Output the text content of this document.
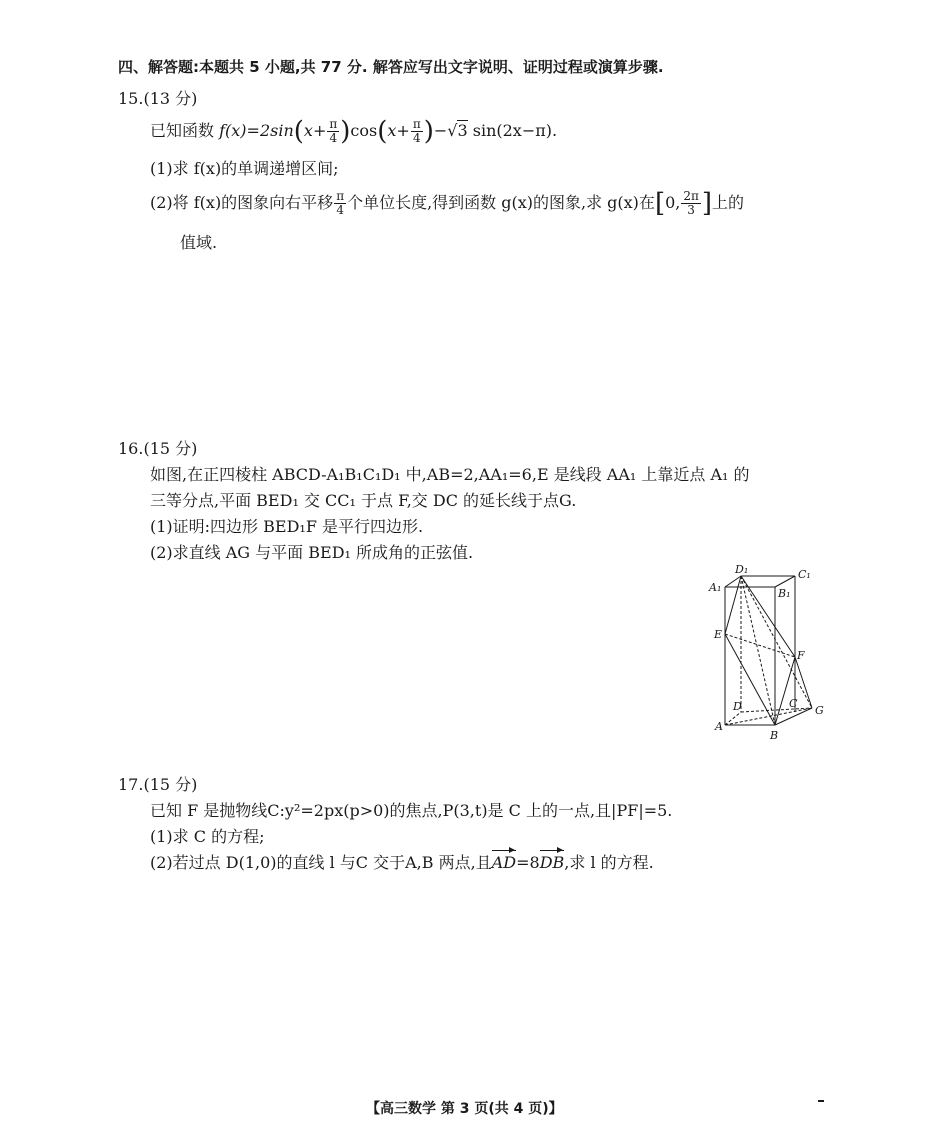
四、解答题:本题共 5 小题,共 77 分. 解答应写出文字说明、证明过程或演算步骤.
15.(13 分)
已知函数 $f(x)=2\sin(x+ \frac{\pi}{4} )\cos(x+ \frac{\pi}{4} )-√3$ sin(2x−π).
(1)求 f(x)的单调递增区间;
(2)将 f(x)的图象向右平移 $\frac{\pi}{4}$ 个单位长度,得到函数 g(x)的图象,求 g(x)在[0, $\frac{2\pi}{3}$ ]上的
值域.
16.(15 分)
如图,在正四棱柱 ABCD-A₁B₁C₁D₁ 中,AB=2,AA₁=6,E 是线段 AA₁ 上靠近点 A₁ 的
三等分点,平面 BED₁ 交 CC₁ 于点 F,交 DC 的延长线于点G.
(1)证明:四边形 BED₁F 是平行四边形.
(2)求直线 AG 与平面 BED₁ 所成角的正弦值.
D₁	C₁
A₁	B₁
E
F
D	C
G
A
B
17.(15 分)
已知 F 是抛物线C:y²=2px(p>0)的焦点,P(3,t)是 C 上的一点,且|PF|=5.
(1)求 C 的方程;
(2)若过点 D(1,0)的直线 l 与C 交于A,B 两点,且AD=8DB,求 l 的方程.
【高三数学 第 3 页(共 4 页)】
